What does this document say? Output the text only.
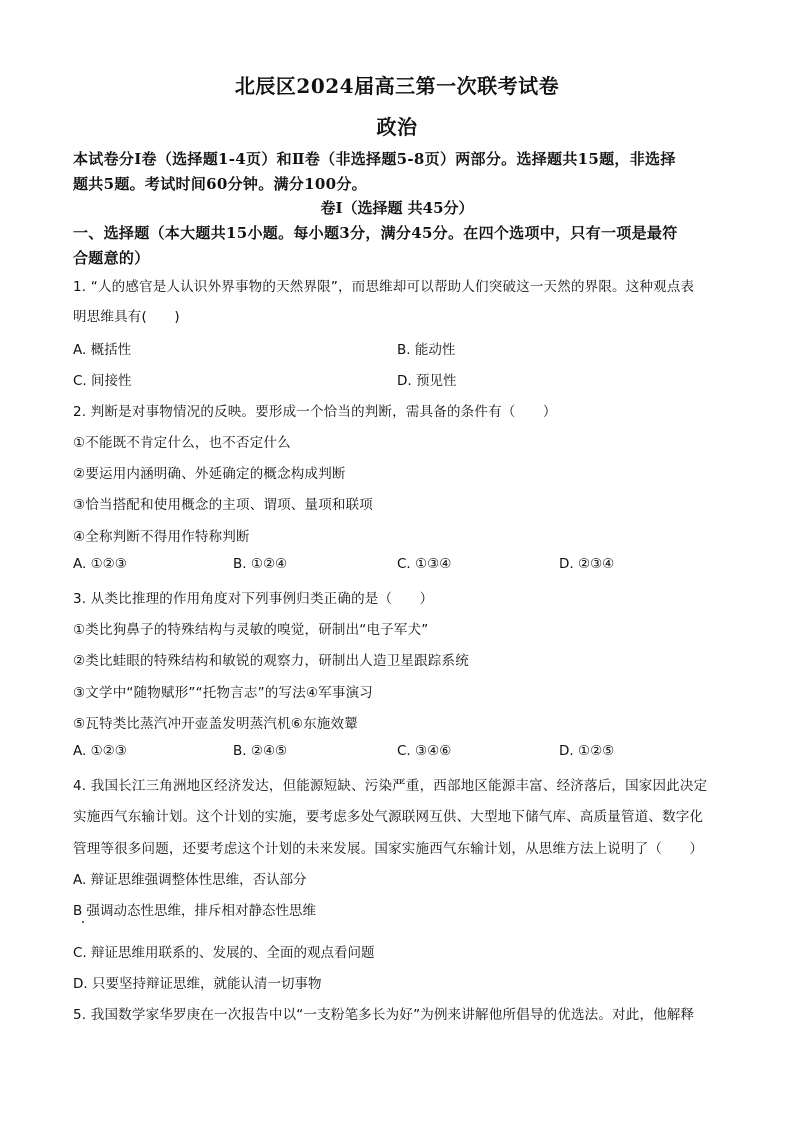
北辰区2024届高三第一次联考试卷
政治
本试卷分Ⅰ卷（选择题1-4页）和Ⅱ卷（非选择题5-8页）两部分。选择题共15题，非选择
题共5题。考试时间60分钟。满分100分。
卷Ⅰ（选择题 共45分）
一、选择题（本大题共15小题。每小题3分，满分45分。在四个选项中，只有一项是最符
合题意的）
1. “人的感官是人认识外界事物的天然界限”，而思维却可以帮助人们突破这一天然的界限。这种观点表
明思维具有(　　)
A. 概括性	B. 能动性
C. 间接性	D. 预见性
2. 判断是对事物情况的反映。要形成一个恰当的判断，需具备的条件有（　　）
①不能既不肯定什么，也不否定什么
②要运用内涵明确、外延确定的概念构成判断
③恰当搭配和使用概念的主项、谓项、量项和联项
④全称判断不得用作特称判断
A. ①②③	B. ①②④	C. ①③④	D. ②③④
3. 从类比推理的作用角度对下列事例归类正确的是（　　）
①类比狗鼻子的特殊结构与灵敏的嗅觉，研制出“电子军犬”
②类比蛙眼的特殊结构和敏锐的观察力，研制出人造卫星跟踪系统
③文学中“随物赋形”“托物言志”的写法④军事演习
⑤瓦特类比蒸汽冲开壶盖发明蒸汽机⑥东施效颦
A. ①②③	B. ②④⑤	C. ③④⑥	D. ①②⑤
4. 我国长江三角洲地区经济发达，但能源短缺、污染严重，西部地区能源丰富、经济落后，国家因此决定
实施西气东输计划。这个计划的实施，要考虑多处气源联网互供、大型地下储气库、高质量管道、数字化
管理等很多问题，还要考虑这个计划的未来发展。国家实施西气东输计划，从思维方法上说明了（　　）
A. 辩证思维强调整体性思维，否认部分
B 强调动态性思维，排斥相对静态性思维
C. 辩证思维用联系的、发展的、全面的观点看问题
D. 只要坚持辩证思维，就能认清一切事物
5. 我国数学家华罗庚在一次报告中以“一支粉笔多长为好”为例来讲解他所倡导的优选法。对此，他解释
